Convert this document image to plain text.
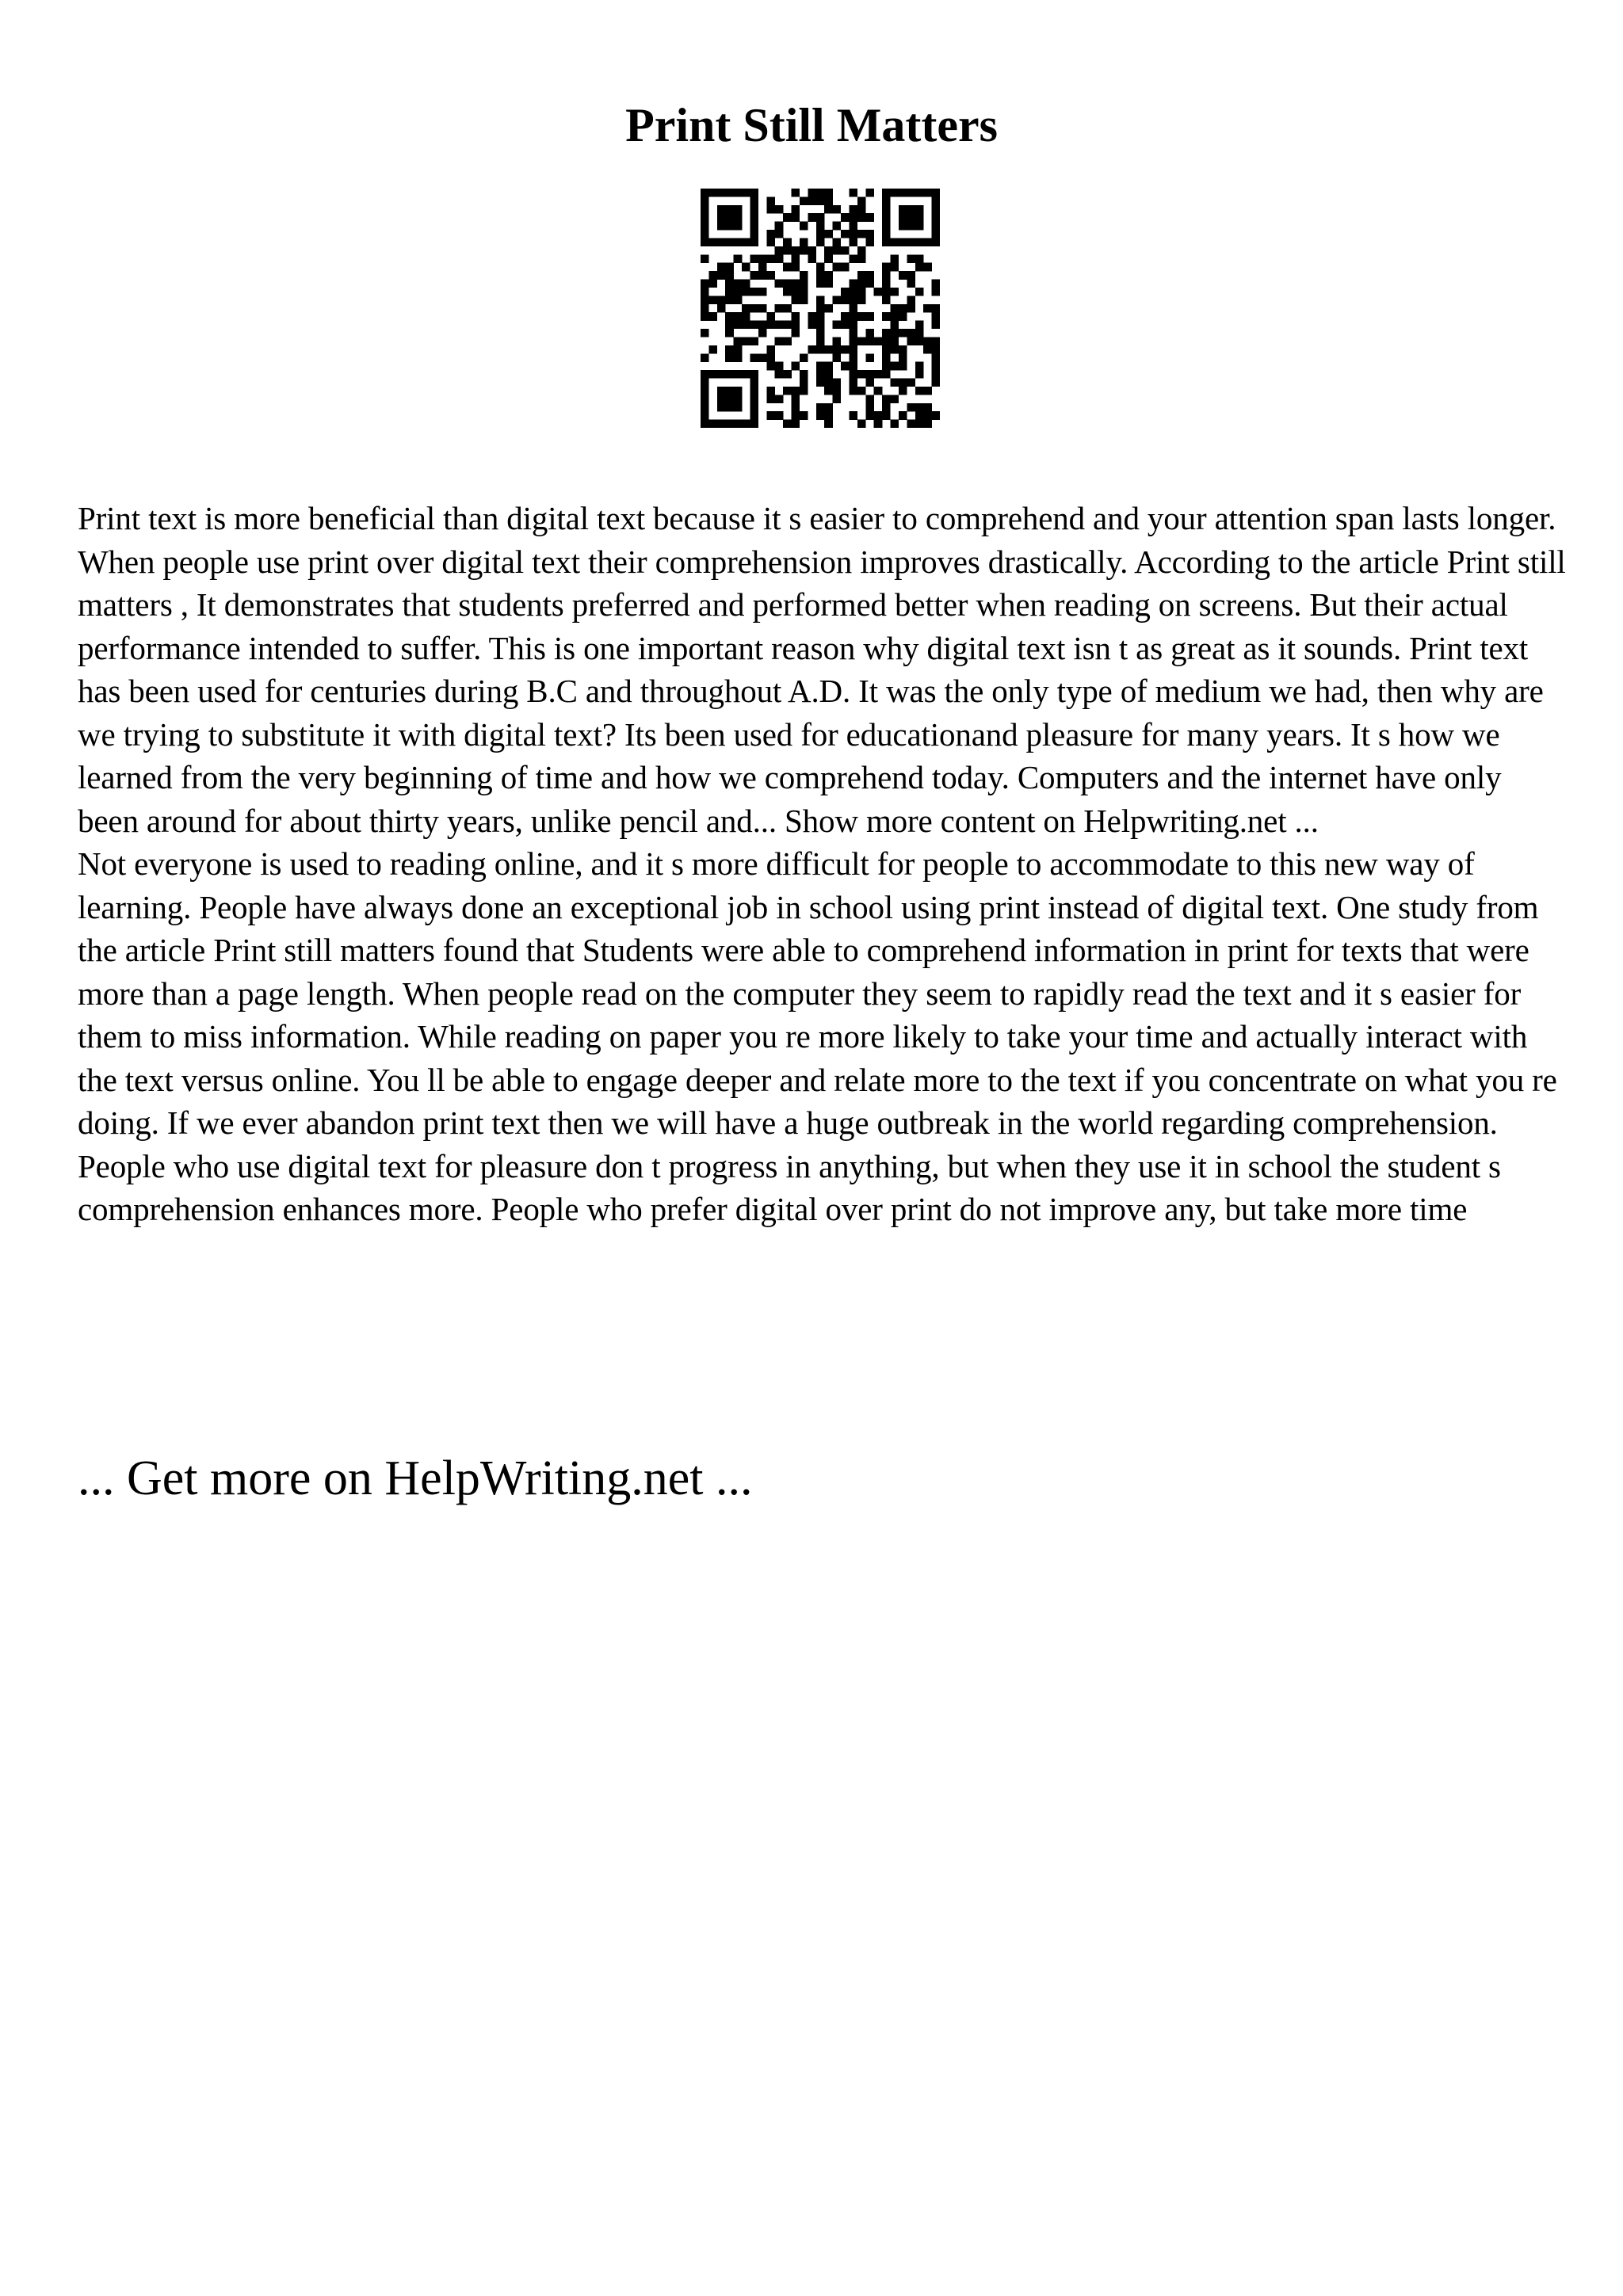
Print Still Matters

Print text is more beneficial than digital text because it s easier to comprehend and your attention span lasts longer. When people use print over digital text their comprehension improves drastically. According to the article Print still matters , It demonstrates that students preferred and performed better when reading on screens. But their actual performance intended to suffer. This is one important reason why digital text isn t as great as it sounds. Print text has been used for centuries during B.C and throughout A.D. It was the only type of medium we had, then why are we trying to substitute it with digital text? Its been used for educationand pleasure for many years. It s how we learned from the very beginning of time and how we comprehend today. Computers and the internet have only been around for about thirty years, unlike pencil and... Show more content on Helpwriting.net ...

Not everyone is used to reading online, and it s more difficult for people to accommodate to this new way of learning. People have always done an exceptional job in school using print instead of digital text. One study from the article Print still matters found that Students were able to comprehend information in print for texts that were more than a page length. When people read on the computer they seem to rapidly read the text and it s easier for them to miss information. While reading on paper you re more likely to take your time and actually interact with the text versus online. You ll be able to engage deeper and relate more to the text if you concentrate on what you re doing. If we ever abandon print text then we will have a huge outbreak in the world regarding comprehension. People who use digital text for pleasure don t progress in anything, but when they use it in school the student s comprehension enhances more. People who prefer digital over print do not improve any, but take more time

... Get more on HelpWriting.net ...
